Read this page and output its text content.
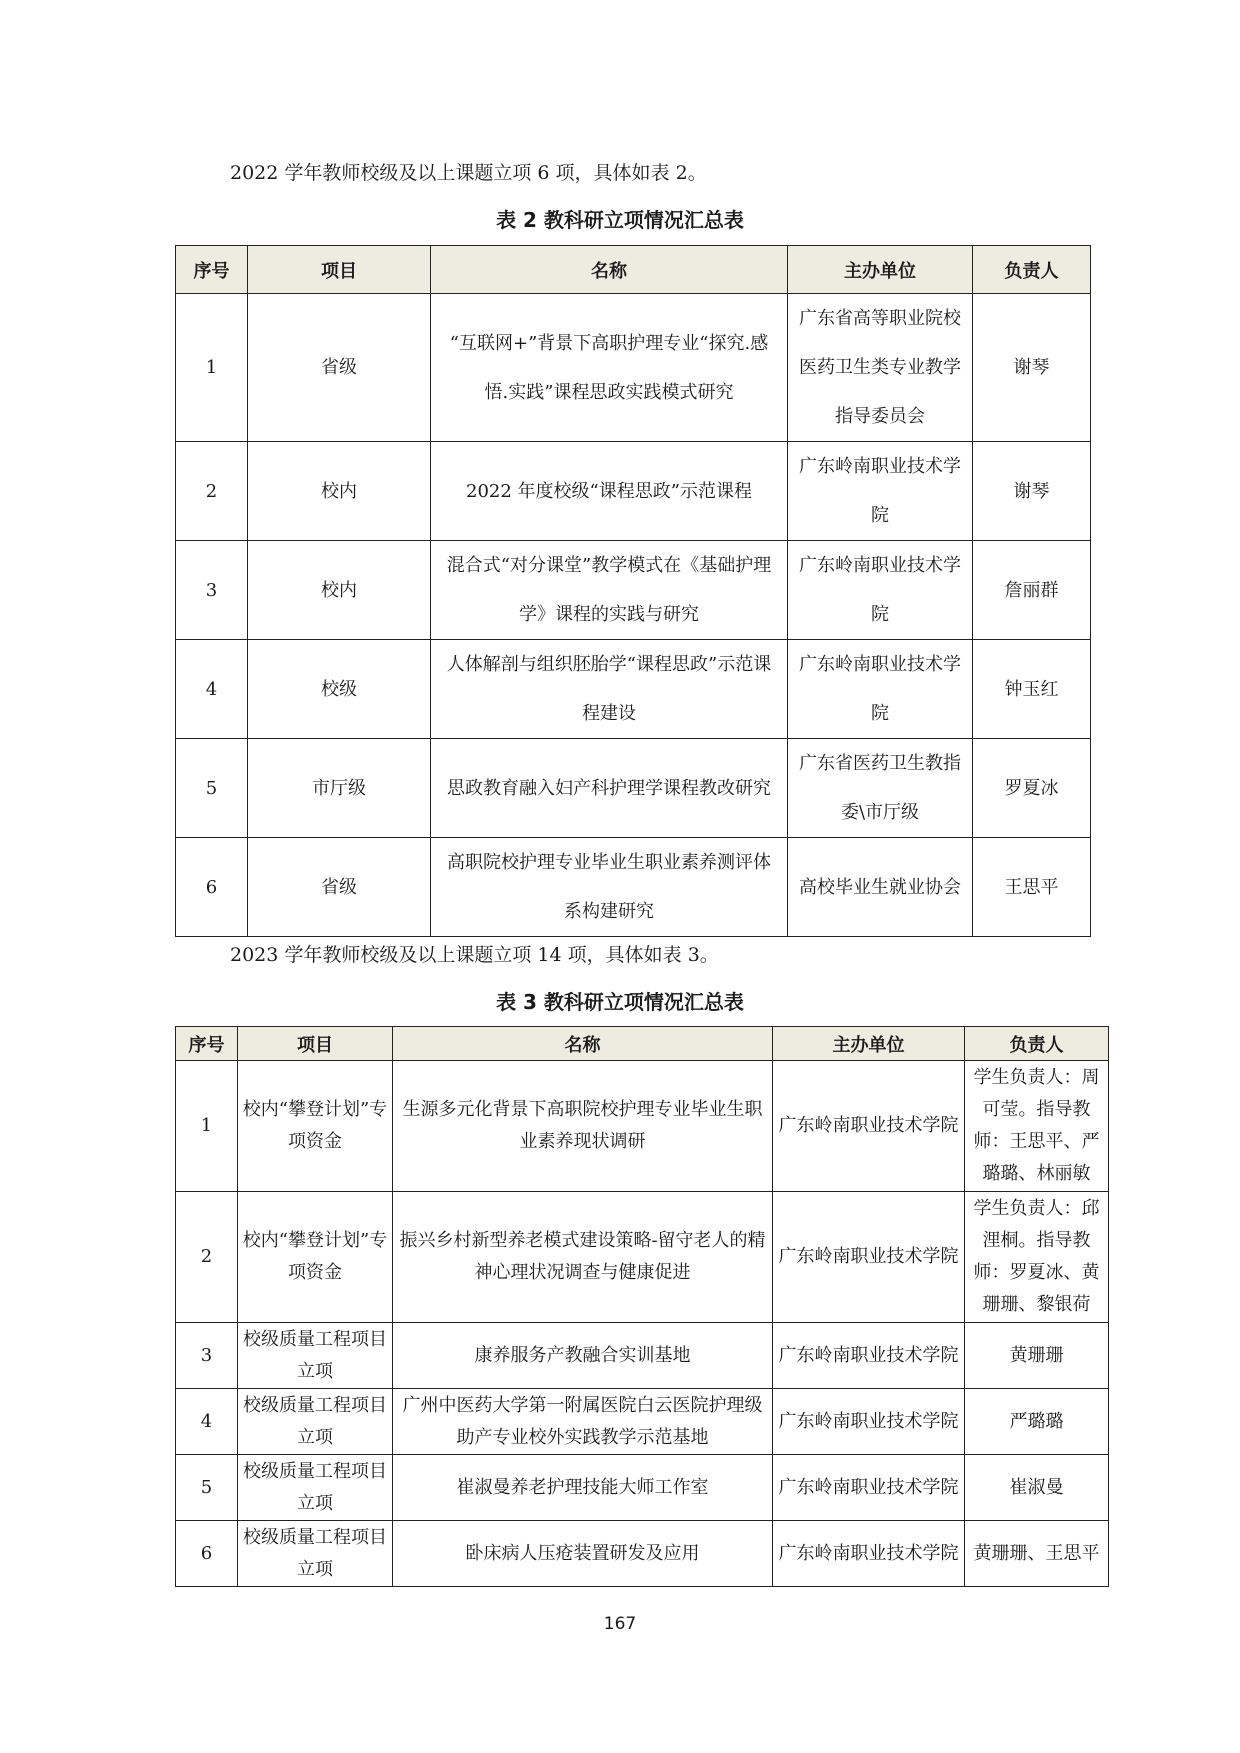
2022 学年教师校级及以上课题立项 6 项，具体如表 2。
表 2 教科研立项情况汇总表
序号	项目	名称	主办单位	负责人
1	省级	“互联网+”背景下高职护理专业“探究.感悟.实践”课程思政实践模式研究	广东省高等职业院校医药卫生类专业教学指导委员会	谢琴
2	校内	2022 年度校级“课程思政”示范课程	广东岭南职业技术学院	谢琴
3	校内	混合式“对分课堂”教学模式在《基础护理学》课程的实践与研究	广东岭南职业技术学院	詹丽群
4	校级	人体解剖与组织胚胎学“课程思政”示范课程建设	广东岭南职业技术学院	钟玉红
5	市厅级	思政教育融入妇产科护理学课程教改研究	广东省医药卫生教指委\市厅级	罗夏冰
6	省级	高职院校护理专业毕业生职业素养测评体系构建研究	高校毕业生就业协会	王思平
2023 学年教师校级及以上课题立项 14 项，具体如表 3。
表 3 教科研立项情况汇总表
序号	项目	名称	主办单位	负责人
1	校内“攀登计划”专项资金	生源多元化背景下高职院校护理专业毕业生职业素养现状调研	广东岭南职业技术学院	学生负责人：周可莹。指导教师：王思平、严璐璐、林丽敏
2	校内“攀登计划”专项资金	振兴乡村新型养老模式建设策略-留守老人的精神心理状况调查与健康促进	广东岭南职业技术学院	学生负责人：邱浬桐。指导教师：罗夏冰、黄珊珊、黎银荷
3	校级质量工程项目立项	康养服务产教融合实训基地	广东岭南职业技术学院	黄珊珊
4	校级质量工程项目立项	广州中医药大学第一附属医院白云医院护理级助产专业校外实践教学示范基地	广东岭南职业技术学院	严璐璐
5	校级质量工程项目立项	崔淑曼养老护理技能大师工作室	广东岭南职业技术学院	崔淑曼
6	校级质量工程项目立项	卧床病人压疮装置研发及应用	广东岭南职业技术学院	黄珊珊、王思平
167
